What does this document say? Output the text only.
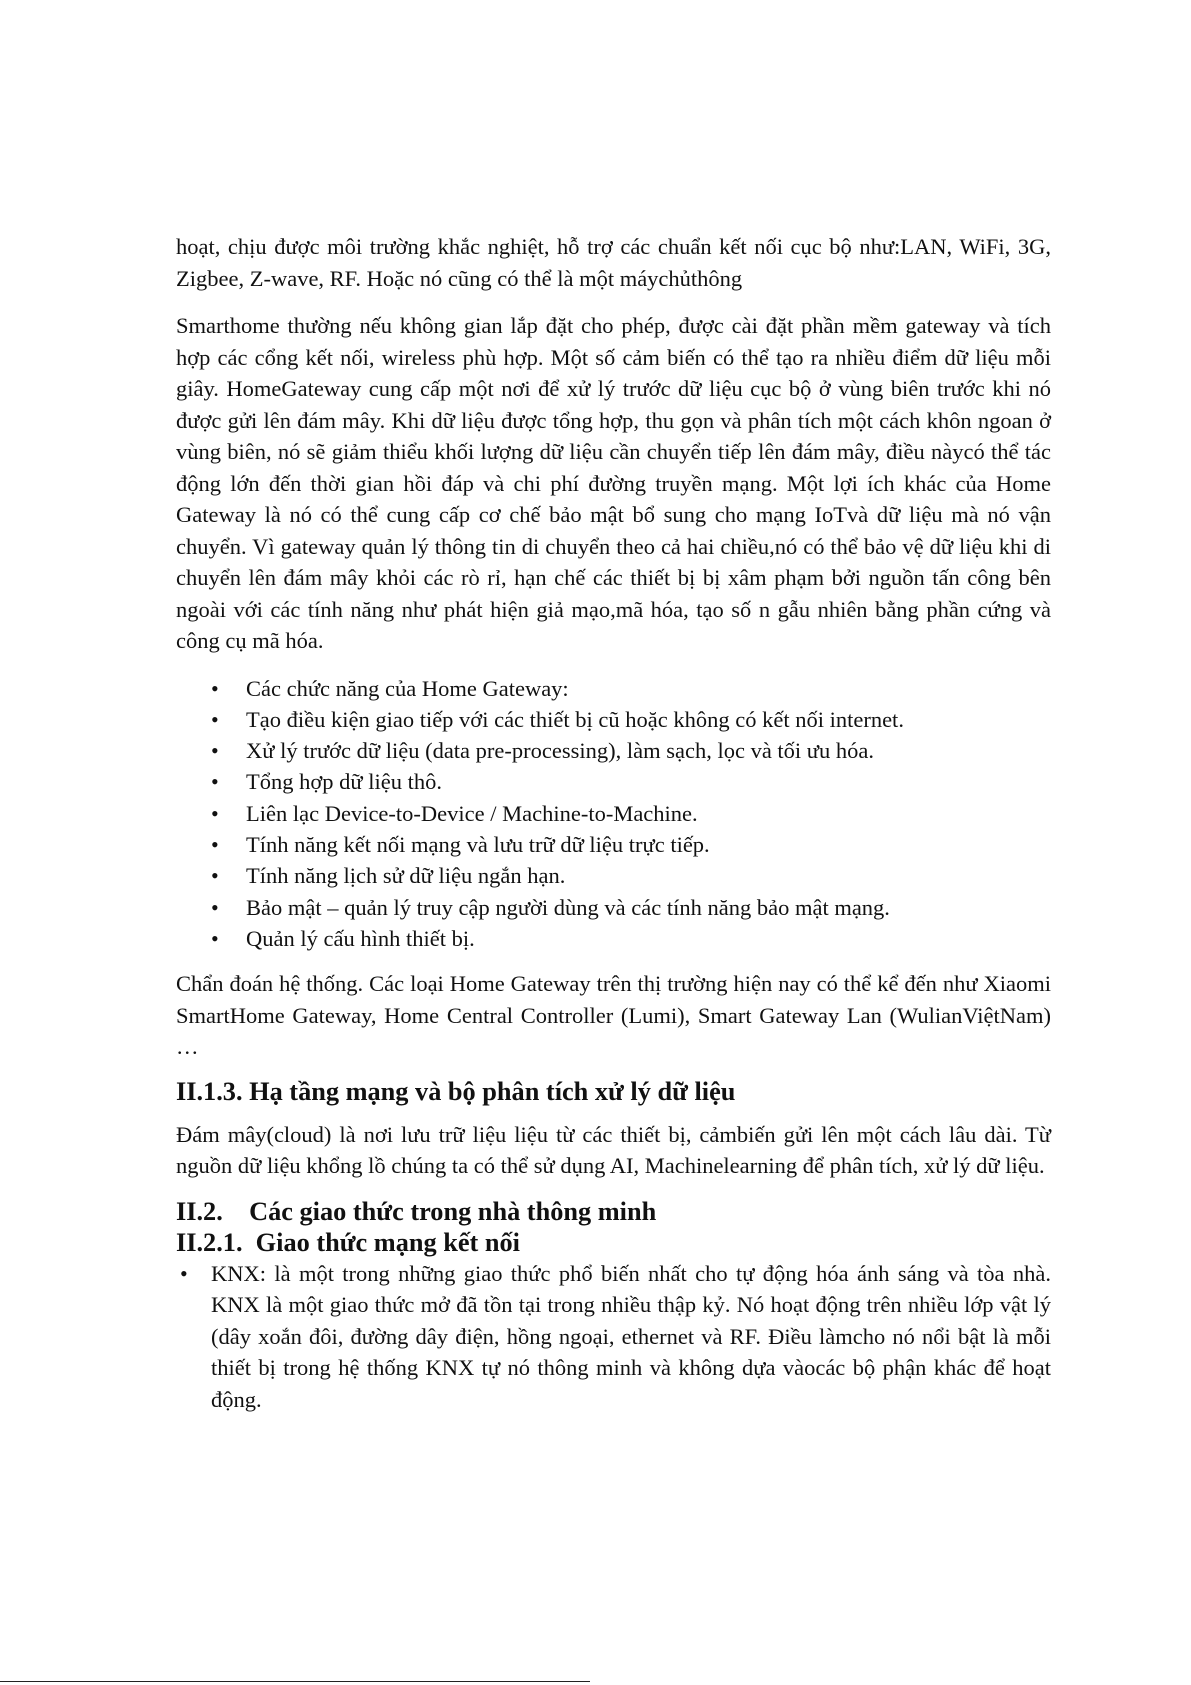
hoạt, chịu được môi trường khắc nghiệt, hỗ trợ các chuẩn kết nối cục bộ như:LAN, WiFi, 3G, Zigbee, Z-wave, RF. Hoặc nó cũng có thể là một máychủthông

Smarthome thường nếu không gian lắp đặt cho phép, được cài đặt phần mềm gateway và tích hợp các cổng kết nối, wireless phù hợp. Một số cảm biến có thể tạo ra nhiều điểm dữ liệu mỗi giây. HomeGateway cung cấp một nơi để xử lý trước dữ liệu cục bộ ở vùng biên trước khi nó được gửi lên đám mây. Khi dữ liệu được tổng hợp, thu gọn và phân tích một cách khôn ngoan ở vùng biên, nó sẽ giảm thiểu khối lượng dữ liệu cần chuyển tiếp lên đám mây, điều nàycó thể tác động lớn đến thời gian hồi đáp và chi phí đường truyền mạng. Một lợi ích khác của Home Gateway là nó có thể cung cấp cơ chế bảo mật bổ sung cho mạng IoTvà dữ liệu mà nó vận chuyển. Vì gateway quản lý thông tin di chuyển theo cả hai chiều,nó có thể bảo vệ dữ liệu khi di chuyển lên đám mây khỏi các rò rỉ, hạn chế các thiết bị bị xâm phạm bởi nguồn tấn công bên ngoài với các tính năng như phát hiện giả mạo,mã hóa, tạo số n gẫu nhiên bằng phần cứng và công cụ mã hóa.

• Các chức năng của Home Gateway:
• Tạo điều kiện giao tiếp với các thiết bị cũ hoặc không có kết nối internet.
• Xử lý trước dữ liệu (data pre-processing), làm sạch, lọc và tối ưu hóa.
• Tổng hợp dữ liệu thô.
• Liên lạc Device-to-Device / Machine-to-Machine.
• Tính năng kết nối mạng và lưu trữ dữ liệu trực tiếp.
• Tính năng lịch sử dữ liệu ngắn hạn.
• Bảo mật – quản lý truy cập người dùng và các tính năng bảo mật mạng.
• Quản lý cấu hình thiết bị.

Chẩn đoán hệ thống. Các loại Home Gateway trên thị trường hiện nay có thể kể đến như Xiaomi SmartHome Gateway, Home Central Controller (Lumi), Smart Gateway Lan (WulianViệtNam) …

II.1.3. Hạ tầng mạng và bộ phân tích xử lý dữ liệu

Đám mây(cloud) là nơi lưu trữ liệu liệu từ các thiết bị, cảmbiến gửi lên một cách lâu dài. Từ nguồn dữ liệu khổng lồ chúng ta có thể sử dụng AI, Machinelearning để phân tích, xử lý dữ liệu.

II.2.    Các giao thức trong nhà thông minh
II.2.1.  Giao thức mạng kết nối
• KNX: là một trong những giao thức phổ biến nhất cho tự động hóa ánh sáng và tòa nhà. KNX là một giao thức mở đã tồn tại trong nhiều thập kỷ. Nó hoạt động trên nhiều lớp vật lý (dây xoắn đôi, đường dây điện, hồng ngoại, ethernet và RF. Điều làmcho nó nổi bật là mỗi thiết bị trong hệ thống KNX tự nó thông minh và không dựa vàocác bộ phận khác để hoạt động.
